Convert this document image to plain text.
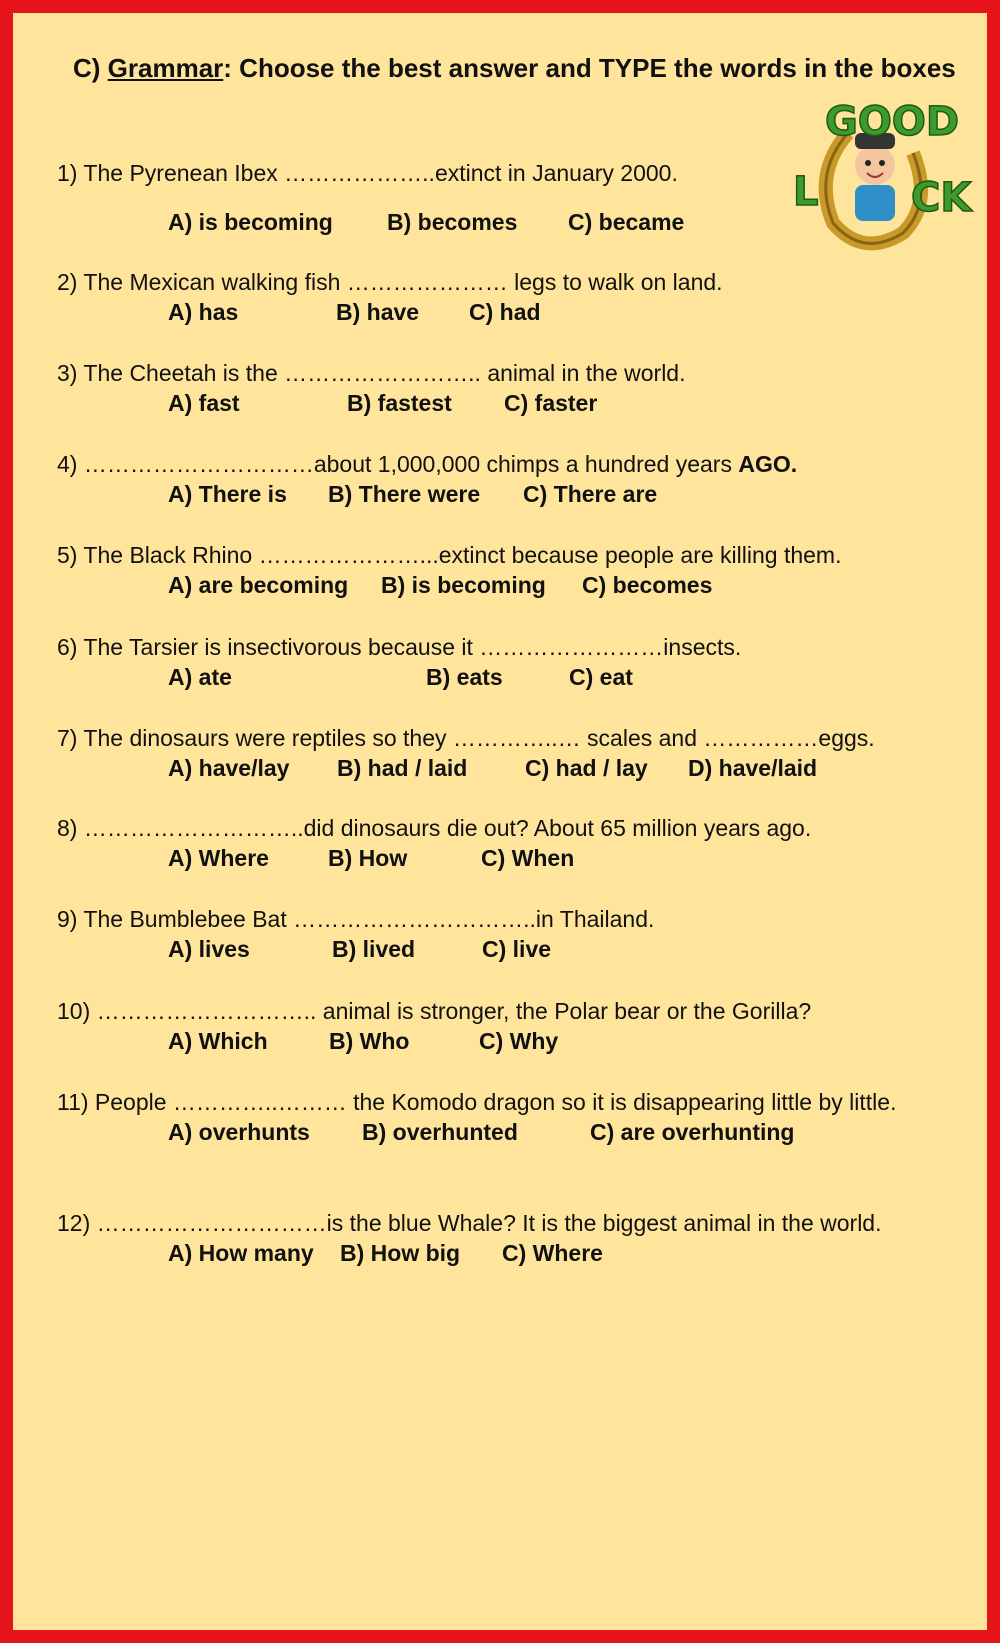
C) Grammar: Choose the best answer and TYPE the words in the boxes
GOOD
L CK
1) The Pyrenean Ibex ………………..extinct in January 2000.
A) is becoming B) becomes C) became
2) The Mexican walking fish ………………… legs to walk on land.
A) has	B) have C) had
3) The Cheetah is the …………………….. animal in the world.
A) fast	B) fastest C) faster
4) …………………………about 1,000,000 chimps a hundred years AGO.
A) There is B) There were C) There are
5) The Black Rhino …………………...extinct because people are killing them.
A) are becoming B) is becoming C) becomes
6) The Tarsier is insectivorous because it ……………………insects.
A) ate	B) eats	C) eat
7) The dinosaurs were reptiles so they …………..… scales and ……………eggs.
A) have/lay B) had / laid	C) had / lay D) have/laid
8) ………………………..did dinosaurs die out? About 65 million years ago.
A) Where	B) How	C) When
9) The Bumblebee Bat …………………………..in Thailand.
A) lives	B) lived	C) live
10) ……………………….. animal is stronger, the Polar bear or the Gorilla?
A) Which	B) Who	C) Why
11) People …………..……… the Komodo dragon so it is disappearing little by little.
A) overhunts B) overhunted	C) are overhunting
12) …………………………is the blue Whale? It is the biggest animal in the world.
A) How many B) How big C) Where
